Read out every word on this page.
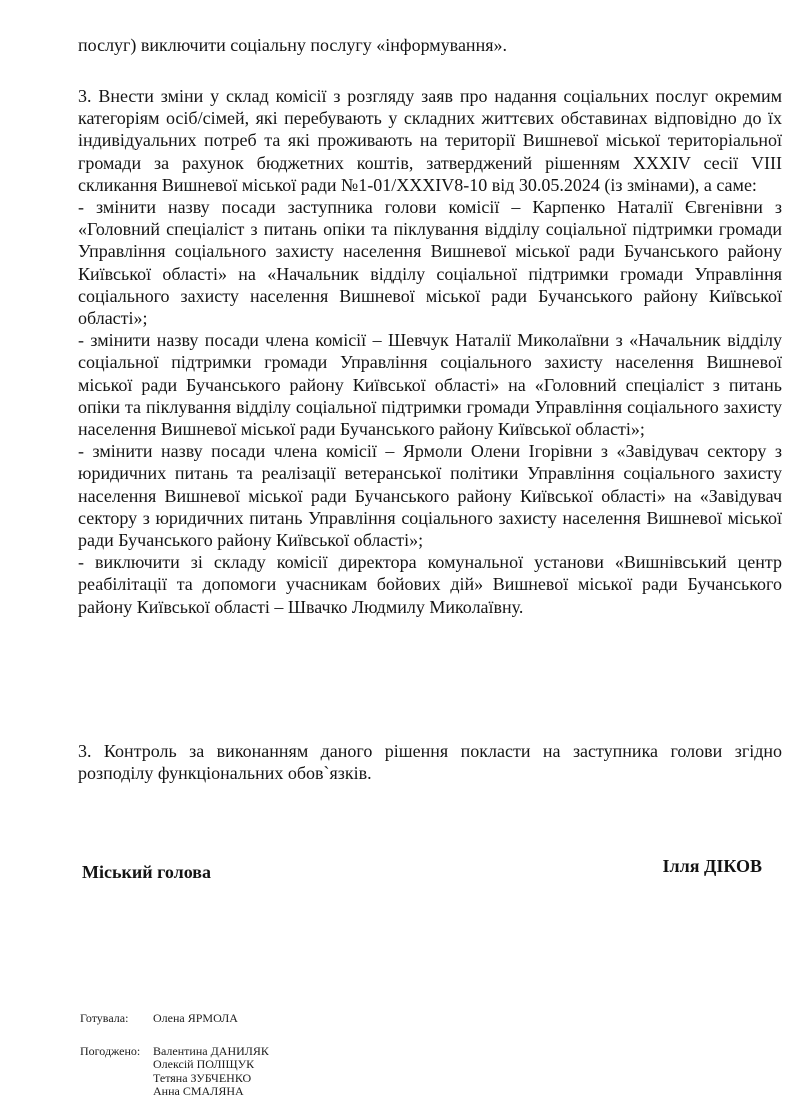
послуг) виключити соціальну послугу «інформування».

3. Внести зміни у склад комісії з розгляду заяв про надання соціальних послуг окремим категоріям осіб/сімей, які перебувають у складних життєвих обставинах відповідно до їх індивідуальних потреб та які проживають на території Вишневої міської територіальної громади за рахунок бюджетних коштів, затверджений рішенням XXXIV сесії VIII скликання Вишневої міської ради №1-01/XXXIV8-10 від 30.05.2024 (із змінами), а саме:

- змінити назву посади заступника голови комісії – Карпенко Наталії Євгенівни з «Головний спеціаліст з питань опіки та піклування відділу соціальної підтримки громади Управління соціального захисту населення Вишневої міської ради Бучанського району Київської області» на «Начальник відділу соціальної підтримки громади Управління соціального захисту населення Вишневої міської ради Бучанського району Київської області»;

- змінити назву посади члена комісії – Шевчук Наталії Миколаївни з «Начальник відділу соціальної підтримки громади Управління соціального захисту населення Вишневої міської ради Бучанського району Київської області» на «Головний спеціаліст з питань опіки та піклування відділу соціальної підтримки громади Управління соціального захисту населення Вишневої міської ради Бучанського району Київської області»;

- змінити назву посади члена комісії – Ярмоли Олени Ігорівни з «Завідувач сектору з юридичних питань та реалізації ветеранської політики Управління соціального захисту населення Вишневої міської ради Бучанського району Київської області» на «Завідувач сектору з юридичних питань Управління соціального захисту населення Вишневої міської ради Бучанського району Київської області»;

- виключити зі складу комісії директора комунальної установи «Вишнівський центр реабілітації та допомоги учасникам бойових дій» Вишневої міської ради Бучанського району Київської області – Швачко Людмилу Миколаївну.

3. Контроль за виконанням даного рішення покласти на заступника голови згідно розподілу функціональних обов`язків.

Міський голова	Ілля ДІКОВ
Готувала: Олена ЯРМОЛА
Погоджено: Валентина ДАНИЛЯК
Олексій ПОЛІЩУК
Тетяна ЗУБЧЕНКО
Анна СМАЛЯНА
